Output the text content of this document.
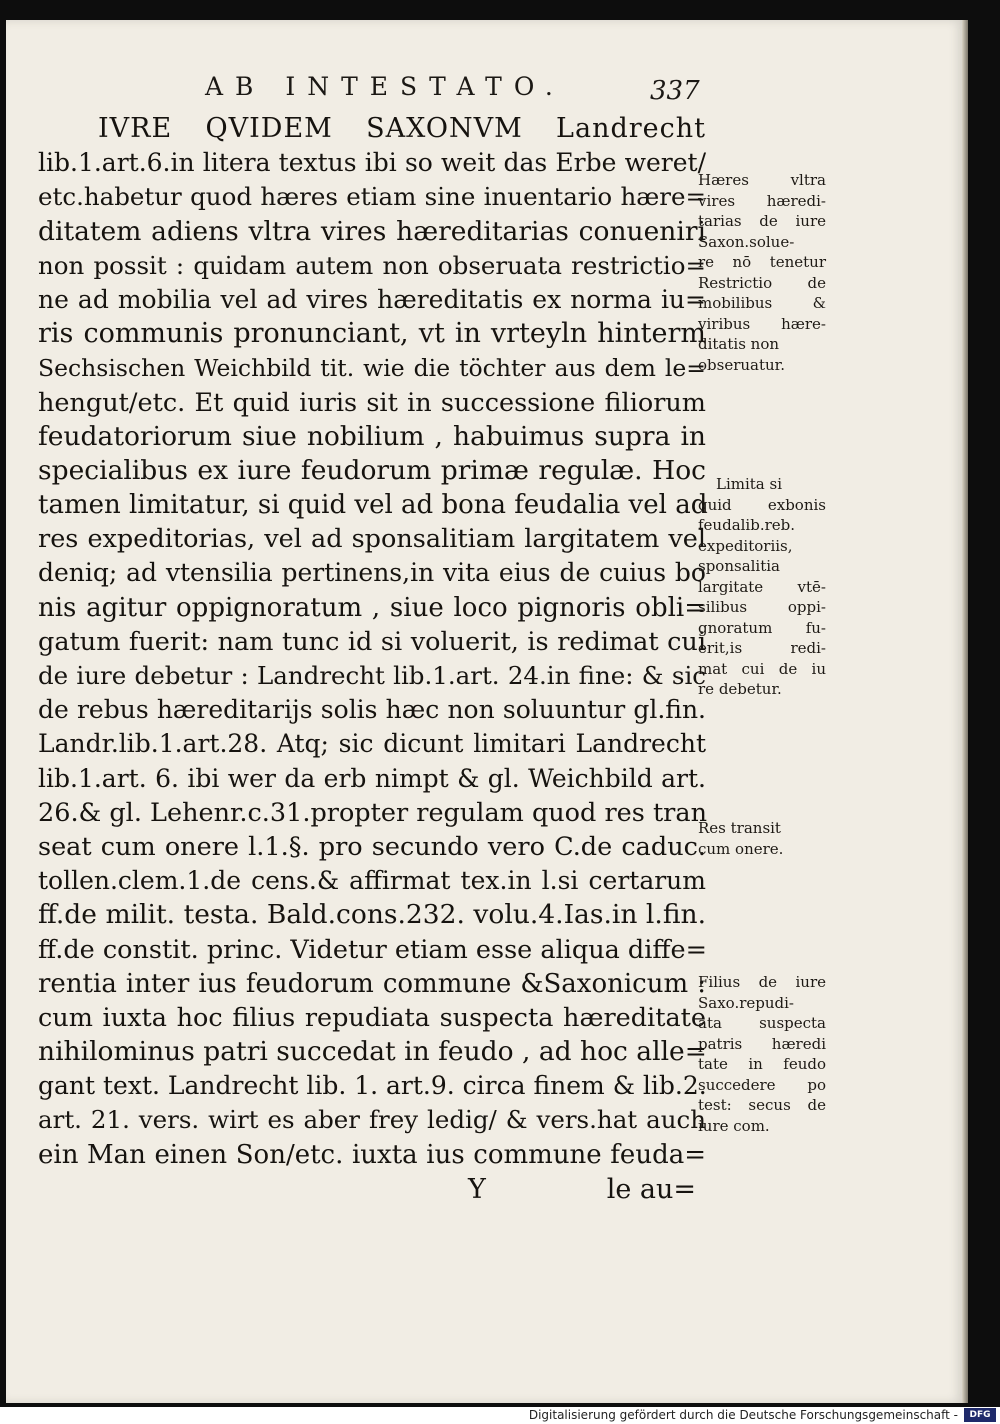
AB INTESTATO.	337
IVRE QVIDEM SAXONVM Landrecht
lib.1.art.6.in litera textus ibi so weit das Erbe weret/
etc.habetur quod hæres etiam sine inuentario hære=
ditatem adiens vltra vires hæreditarias conueniri
non possit : quidam autem non obseruata restrictio=
ne ad mobilia vel ad vires hæreditatis ex norma iu=
ris communis pronunciant, vt in vrteyln hinterm
Sechsischen Weichbild tit. wie die töchter aus dem le=
hengut/etc. Et quid iuris sit in successione filiorum
feudatoriorum siue nobilium , habuimus supra in
specialibus ex iure feudorum primæ regulæ. Hoc
tamen limitatur, si quid vel ad bona feudalia vel ad
res expeditorias, vel ad sponsalitiam largitatem vel
deniq; ad vtensilia pertinens,in vita eius de cuius bo
nis agitur oppignoratum , siue loco pignoris obli=
gatum fuerit: nam tunc id si voluerit, is redimat cui
de iure debetur : Landrecht lib.1.art. 24.in fine: & sic
de rebus hæreditarijs solis hæc non soluuntur gl.fin.
Landr.lib.1.art.28. Atq; sic dicunt limitari Landrecht
lib.1.art. 6. ibi wer da erb nimpt & gl. Weichbild art.
26.& gl. Lehenr.c.31.propter regulam quod res tran
seat cum onere l.1.§. pro secundo vero C.de caduc.
tollen.clem.1.de cens.& affirmat tex.in l.si certarum
ff.de milit. testa. Bald.cons.232. volu.4.Ias.in l.fin.
ff.de constit. princ. Videtur etiam esse aliqua diffe=
rentia inter ius feudorum commune &Saxonicum :
cum iuxta hoc filius repudiata suspecta hæreditate
nihilominus patri succedat in feudo , ad hoc alle=
gant text. Landrecht lib. 1. art.9. circa finem & lib.2.
art. 21. vers. wirt es aber frey ledig/ & vers.hat auch
ein Man einen Son/etc. iuxta ius commune feuda=
Y	le au=
Hæres vltra
vires hæredi-
tarias de iure
Saxon.solue-
re nō tenetur
Restrictio de
mobilibus &
viribus hære-
ditatis non
obseruatur.
Limita si
quid exbonis
feudalib.reb.
expeditoriis,
sponsalitia
largitate vtē-
silibus oppi-
gnoratum fu-
erit,is redi-
mat cui de iu
re debetur.
Res transit
cum onere.
Filius de iure
Saxo.repudi-
ata suspecta
patris hæredi
tate in feudo
succedere po
test: secus de
iure com.
Digitalisierung gefördert durch die Deutsche Forschungsgemeinschaft -	DFG
